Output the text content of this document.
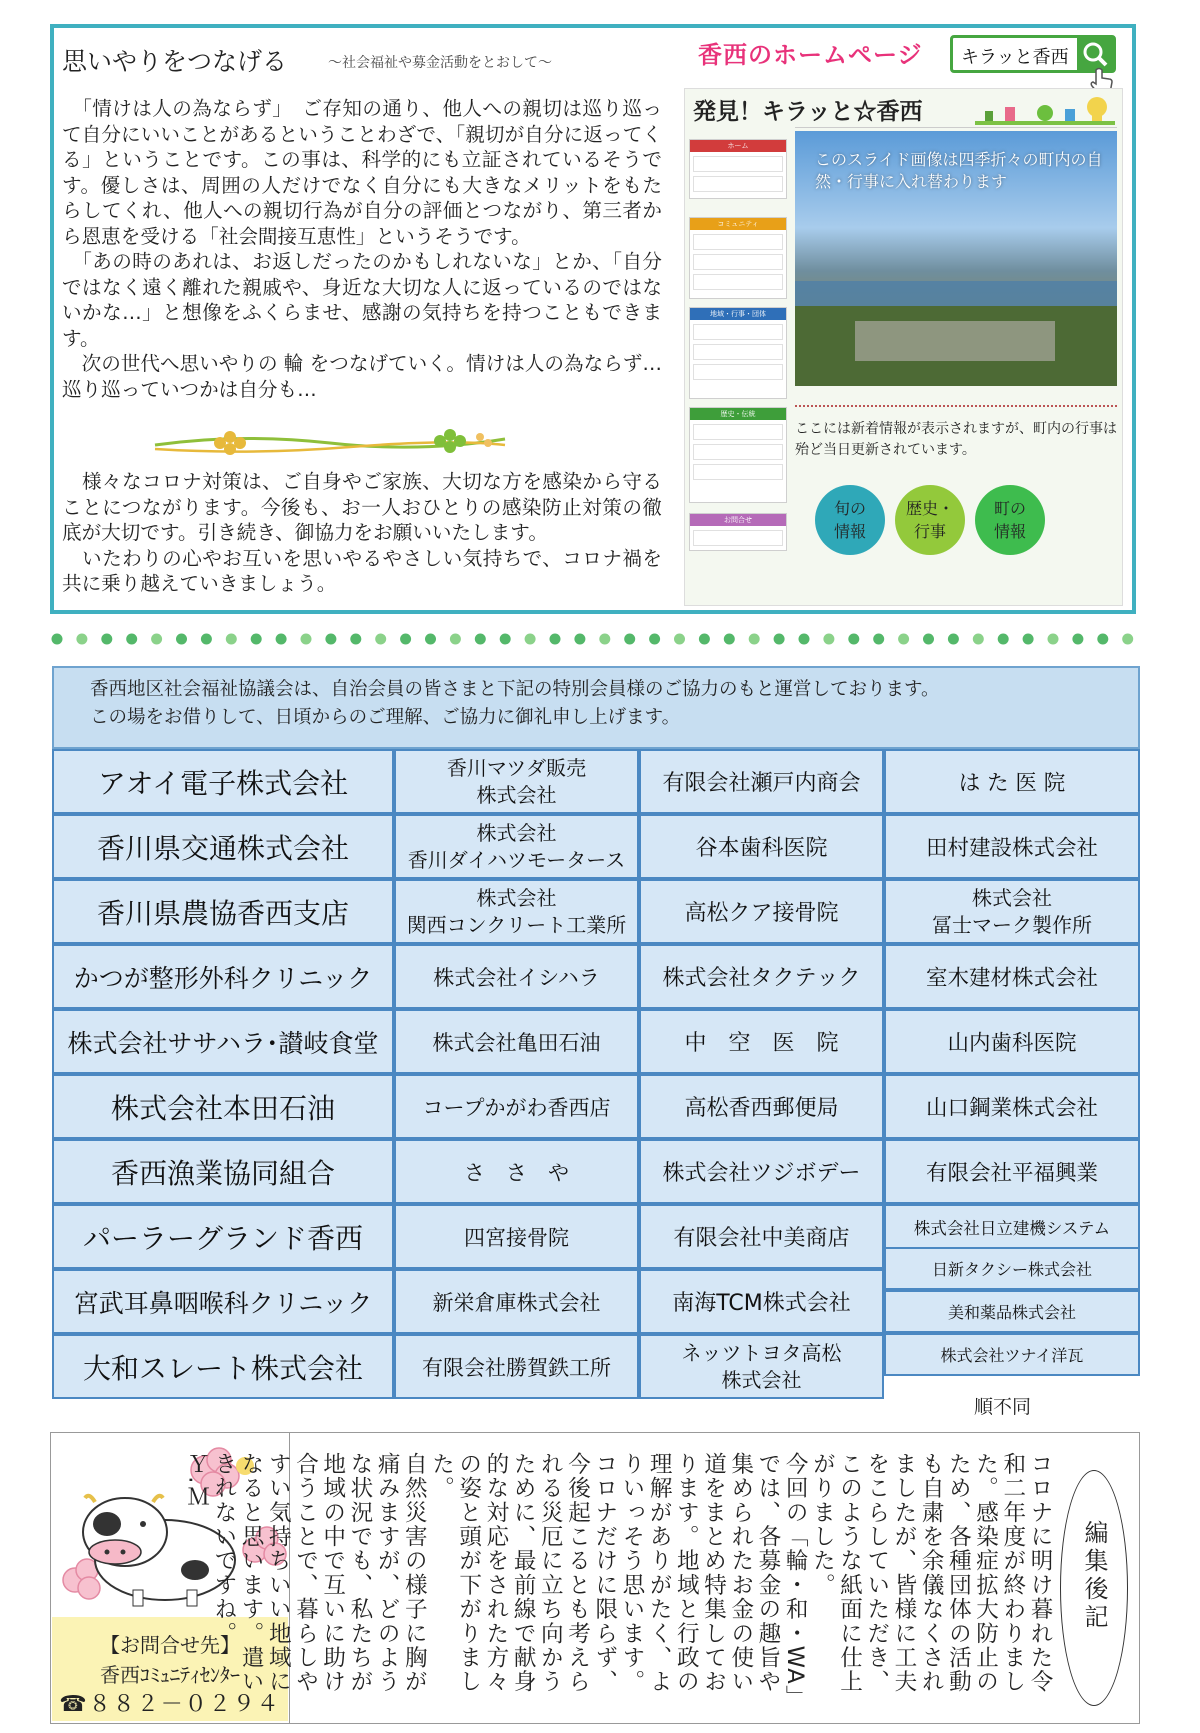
思いやりをつなげる	～社会福祉や募金活動をとおして～

　「情けは人の為ならず」　ご存知の通り、他人への親切は巡り巡って自分にいいことがあるということわざで、「親切が自分に返ってくる」ということです。この事は、科学的にも立証されているそうです。優しさは、周囲の人だけでなく自分にも大きなメリットをもたらしてくれ、他人への親切行為が自分の評価とつながり、第三者から恩恵を受ける「社会間接互恵性」というそうです。
　「あの時のあれは、お返しだったのかもしれないな」とか、「自分ではなく遠く離れた親戚や、身近な大切な人に返っているのではないかな…」と想像をふくらませ、感謝の気持ちを持つこともできます。
　次の世代へ思いやりの 輪 をつなげていく。情けは人の為ならず…巡り巡っていつかは自分も…

　様々なコロナ対策は、ご自身やご家族、大切な方を感染から守ることにつながります。今後も、お一人おひとりの感染防止対策の徹底が大切です。引き続き、御協力をお願いいたします。
　いたわりの心やお互いを思いやるやさしい気持ちで、コロナ禍を共に乗り越えていきましょう。

香西のホームページ キラッと香西
発見！キラッと☆香西
ホーム
コミュニティ
地域・行事・団体
歴史・伝統
お問合せ
このスライド画像は四季折々の町内の自然・行事に入れ替わります
ここには新着情報が表示されますが、町内の行事は殆ど当日更新されています。
旬の
情報
歴史・
行事
町の
情報
香西地区社会福祉協議会は、自治会員の皆さまと下記の特別会員様のご協力のもと運営しております。
この場をお借りして、日頃からのご理解、ご協力に御礼申し上げます。
アオイ電子株式会社
香川県交通株式会社
香川県農協香西支店
かつが整形外科クリニック
株式会社ササハラ･讃岐食堂
株式会社本田石油
香西漁業協同組合
パーラーグランド香西
宮武耳鼻咽喉科クリニック
大和スレート株式会社
香川マツダ販売
株式会社
株式会社
香川ダイハツモータース
株式会社
関西コンクリート工業所
株式会社イシハラ
株式会社亀田石油
コープかがわ香西店
さ　さ　や
四宮接骨院
新栄倉庫株式会社
有限会社勝賀鉄工所
有限会社瀬戸内商会
谷本歯科医院
高松クア接骨院
株式会社タクテック
中　空　医　院
高松香西郵便局
株式会社ツジボデー
有限会社中美商店
南海TCM株式会社
ネッツトヨタ高松
株式会社
は た 医 院
田村建設株式会社
株式会社
冨士マーク製作所
室木建材株式会社
山内歯科医院
山口鋼業株式会社
有限会社平福興業
株式会社日立建機システム
日新タクシー株式会社
美和薬品株式会社
株式会社ツナイ洋瓦
順不同
【お問合せ先】
香西ｺﾐｭﾆﾃｨｾﾝﾀｰ
☎８８２－０２９４
コロナに明け暮れた令和二年度が終わりました。感染症拡大防止のため、各種団体の活動も自粛を余儀なくされましたが、皆様に工夫をこらしていただき、このような紙面に仕上がりました。
今回の「輪・和・WA」では、各募金の趣旨や集められたお金の使い道をまとめ特集しております。地域と行政の理解がありがたく、よりいっそう思います。
コロナだけに限らず、今後起こるとも考えられる災厄に立ち向かうために、最前線で献身的な対応をされた方々の姿と頭が下がりました。
自然災害の様子に胸が痛みますが、どのような状況でも、私たちが地域の中で互いに助け合うことで、暮らしやすい気持ちいい地域になると思います。遣いきれないですね。
Ｙ.Ｍ
編集後記
